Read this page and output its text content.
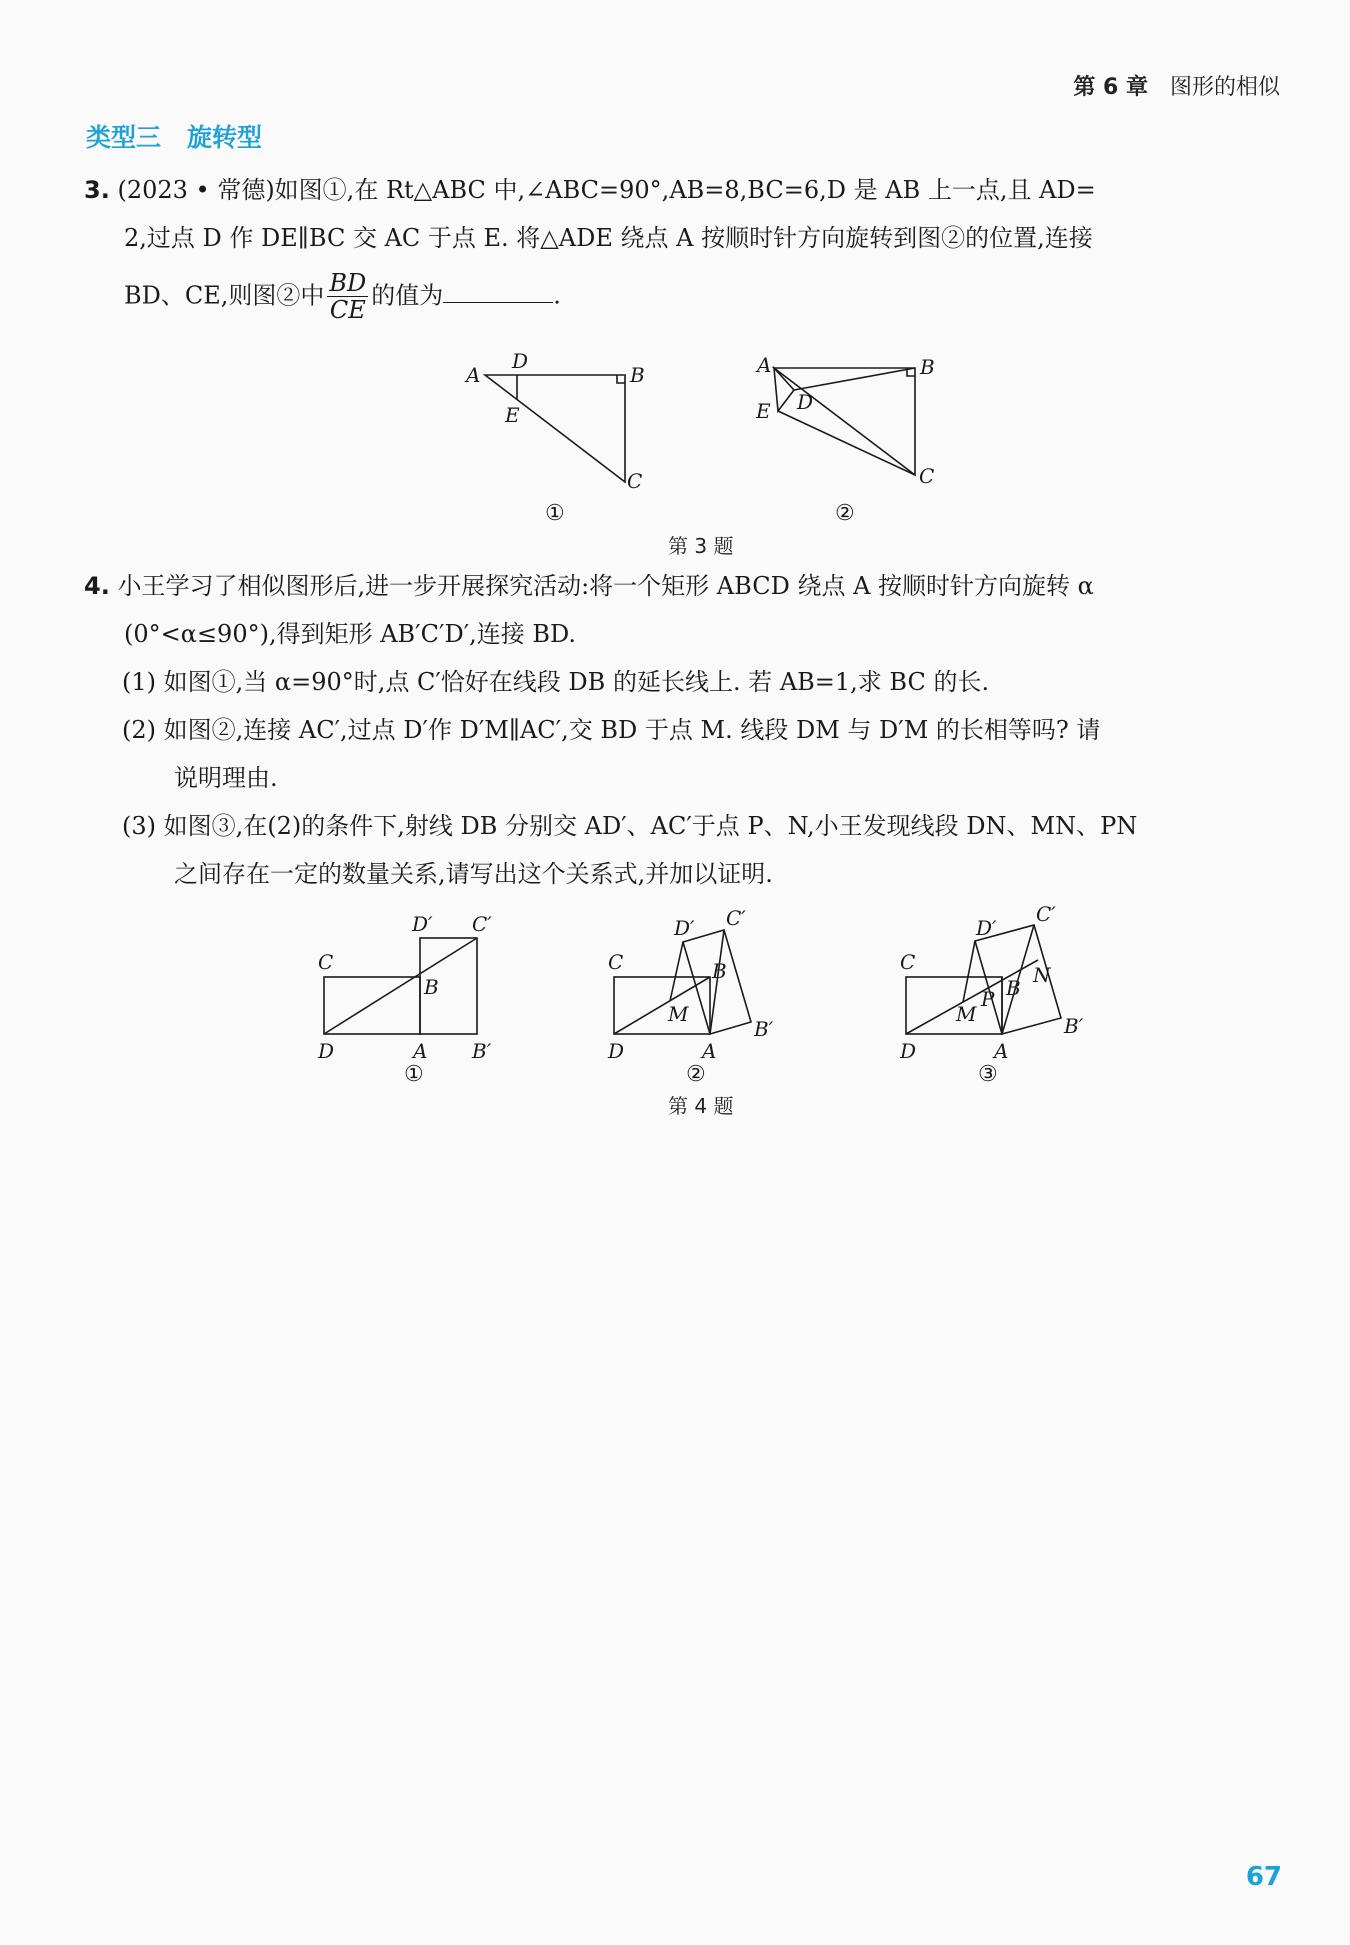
第 6 章 图形的相似
类型三 旋转型
3. (2023 • 常德)如图①,在 Rt△ABC 中,∠ABC=90°,AB=8,BC=6,D 是 AB 上一点,且 AD=
2,过点 D 作 DE∥BC 交 AC 于点 E. 将△ADE 绕点 A 按顺时针方向旋转到图②的位置,连接
BD、CE,则图②中 $\frac{BD}{CE}$ 的值为	.
A
D
B
E
C
①
A	B
E D
C
②
第 3 题
4. 小王学习了相似图形后,进一步开展探究活动:将一个矩形 ABCD 绕点 A 按顺时针方向旋转 α
(0°<α≤90°),得到矩形 AB′C′D′,连接 BD.
(1) 如图①,当 α=90°时,点 C′恰好在线段 DB 的延长线上. 若 AB=1,求 BC 的长.
(2) 如图②,连接 AC′,过点 D′作 D′M∥AC′,交 BD 于点 M. 线段 DM 与 D′M 的长相等吗? 请
说明理由.
(3) 如图③,在(2)的条件下,射线 DB 分别交 AD′、AC′于点 P、N,小王发现线段 DN、MN、PN
之间存在一定的数量关系,请写出这个关系式,并加以证明.
C
D′ C′
B
D	A B′
①
C
D′ C′
B
M
D	A
B′
②
C
D′
C′
N
B
P
M
D	A
B′
③
第 4 题
67
